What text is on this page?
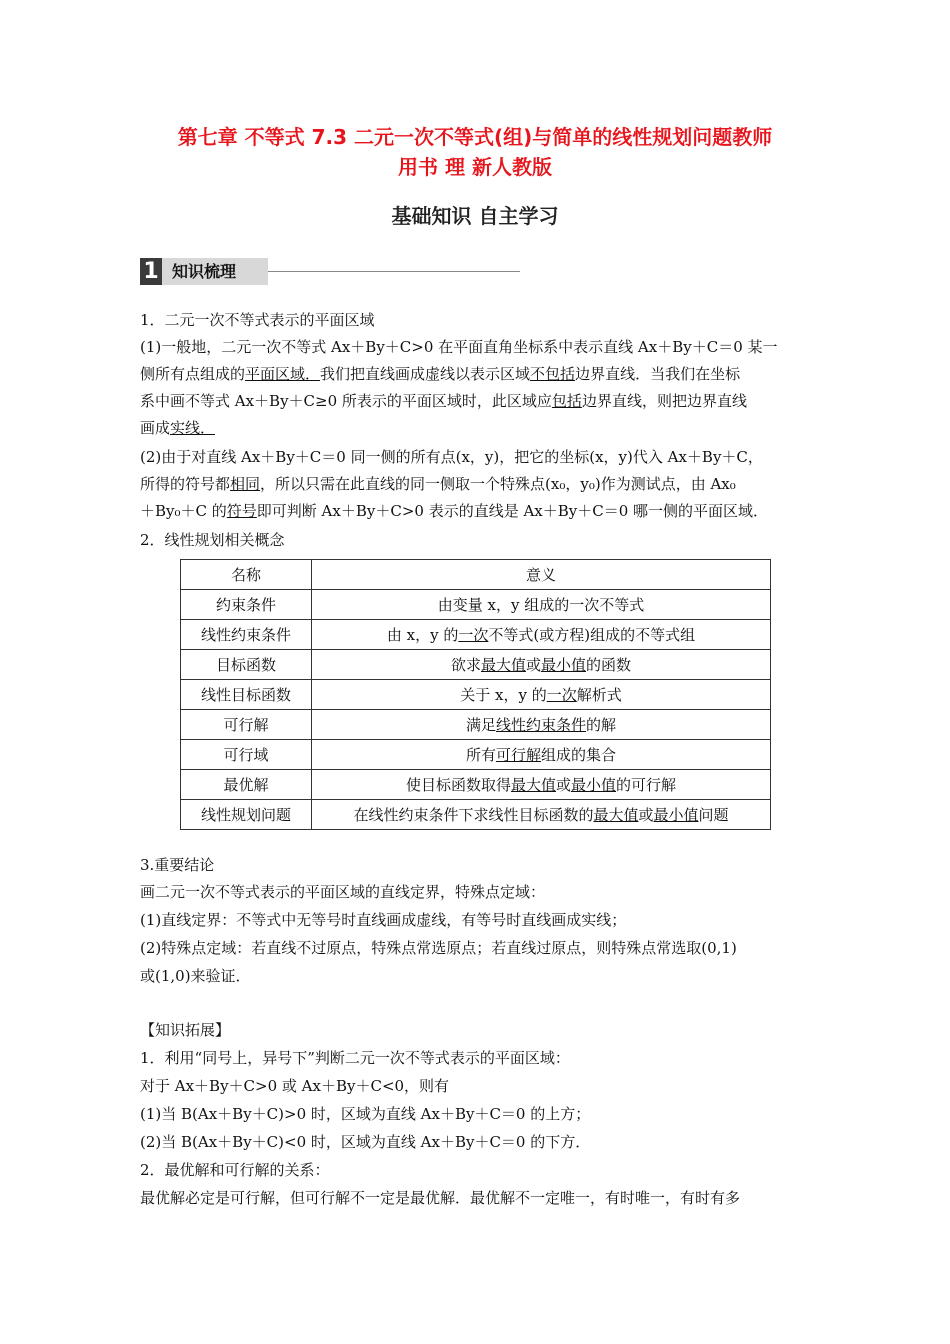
第七章 不等式 7.3 二元一次不等式(组)与简单的线性规划问题教师
用书 理 新人教版
基础知识 自主学习
1 知识梳理
1．二元一次不等式表示的平面区域
(1)一般地，二元一次不等式 Ax＋By＋C>0 在平面直角坐标系中表示直线 Ax＋By＋C＝0 某一
侧所有点组成的平面区域．我们把直线画成虚线以表示区域不包括边界直线．当我们在坐标
系中画不等式 Ax＋By＋C≥0 所表示的平面区域时，此区域应包括边界直线，则把边界直线
画成实线．
(2)由于对直线 Ax＋By＋C＝0 同一侧的所有点(x，y)，把它的坐标(x，y)代入 Ax＋By＋C，
所得的符号都相同，所以只需在此直线的同一侧取一个特殊点(x₀，y₀)作为测试点，由 Ax₀
＋By₀＋C 的符号即可判断 Ax＋By＋C>0 表示的直线是 Ax＋By＋C＝0 哪一侧的平面区域．
2．线性规划相关概念
名称	意义
约束条件	由变量 x，y 组成的一次不等式
线性约束条件	由 x，y 的一次不等式(或方程)组成的不等式组
目标函数	欲求最大值或最小值的函数
线性目标函数	关于 x，y 的一次解析式
可行解	满足线性约束条件的解
可行域	所有可行解组成的集合
最优解	使目标函数取得最大值或最小值的可行解
线性规划问题	在线性约束条件下求线性目标函数的最大值或最小值问题
3.重要结论
画二元一次不等式表示的平面区域的直线定界，特殊点定域：
(1)直线定界：不等式中无等号时直线画成虚线，有等号时直线画成实线；
(2)特殊点定域：若直线不过原点，特殊点常选原点；若直线过原点，则特殊点常选取(0,1)
或(1,0)来验证．
【知识拓展】
1．利用“同号上，异号下”判断二元一次不等式表示的平面区域：
对于 Ax＋By＋C>0 或 Ax＋By＋C<0，则有
(1)当 B(Ax＋By＋C)>0 时，区域为直线 Ax＋By＋C＝0 的上方；
(2)当 B(Ax＋By＋C)<0 时，区域为直线 Ax＋By＋C＝0 的下方．
2．最优解和可行解的关系：
最优解必定是可行解，但可行解不一定是最优解．最优解不一定唯一，有时唯一，有时有多
